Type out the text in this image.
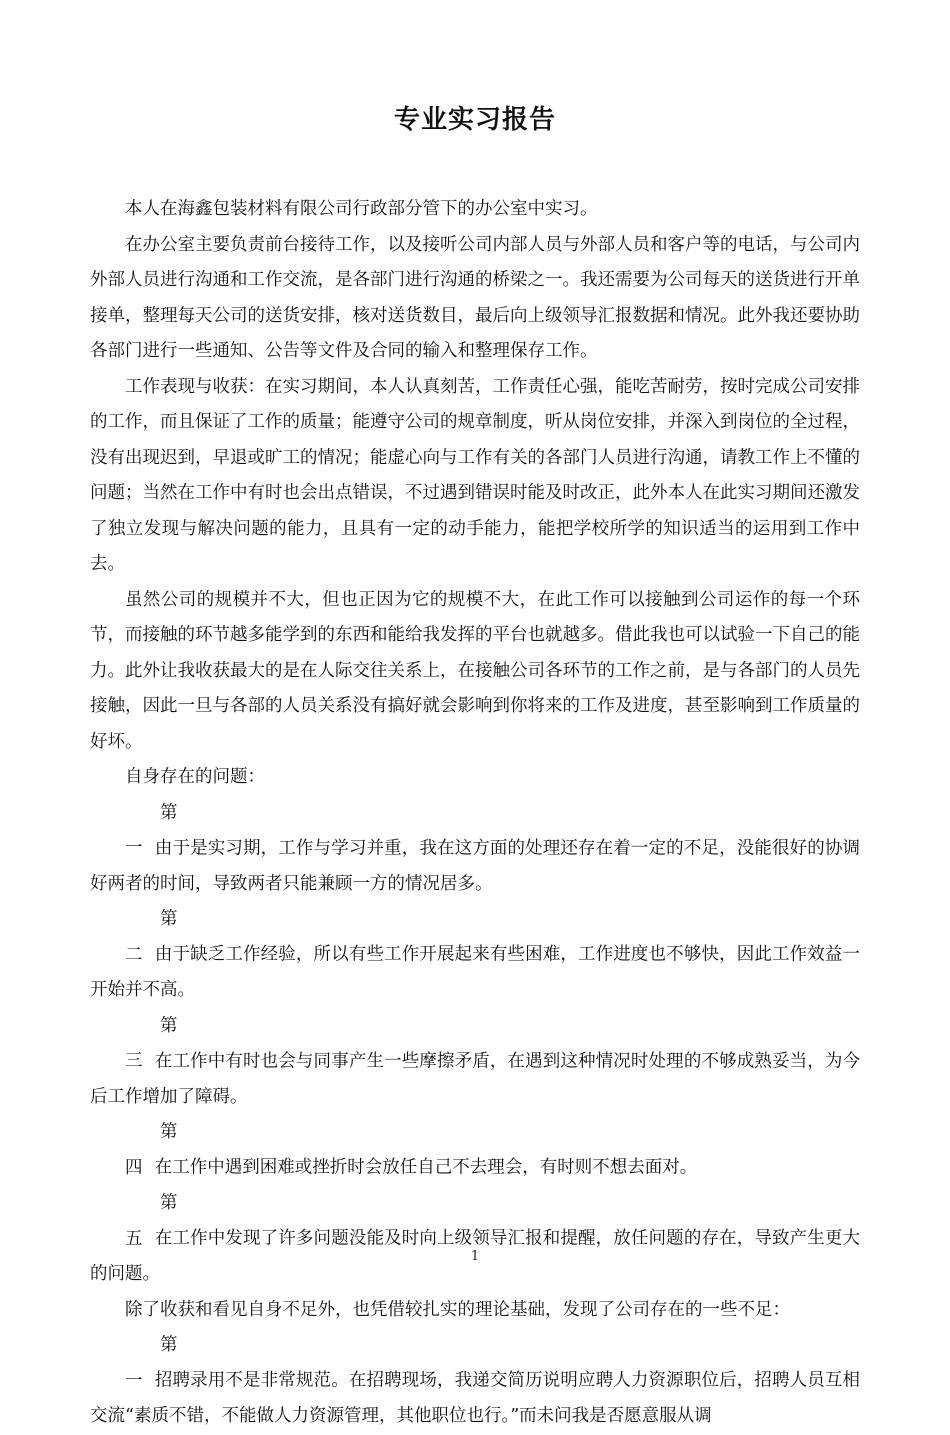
专业实习报告

本人在海鑫包装材料有限公司行政部分管下的办公室中实习。

在办公室主要负责前台接待工作，以及接听公司内部人员与外部人员和客户等的电话，与公司内外部人员进行沟通和工作交流，是各部门进行沟通的桥梁之一。我还需要为公司每天的送货进行开单接单，整理每天公司的送货安排，核对送货数目，最后向上级领导汇报数据和情况。此外我还要协助各部门进行一些通知、公告等文件及合同的输入和整理保存工作。

工作表现与收获：在实习期间，本人认真刻苦，工作责任心强，能吃苦耐劳，按时完成公司安排的工作，而且保证了工作的质量；能遵守公司的规章制度，听从岗位安排，并深入到岗位的全过程，没有出现迟到，早退或旷工的情况；能虚心向与工作有关的各部门人员进行沟通，请教工作上不懂的问题；当然在工作中有时也会出点错误，不过遇到错误时能及时改正，此外本人在此实习期间还激发了独立发现与解决问题的能力，且具有一定的动手能力，能把学校所学的知识适当的运用到工作中去。

虽然公司的规模并不大，但也正因为它的规模不大，在此工作可以接触到公司运作的每一个环节，而接触的环节越多能学到的东西和能给我发挥的平台也就越多。借此我也可以试验一下自己的能力。此外让我收获最大的是在人际交往关系上，在接触公司各环节的工作之前，是与各部门的人员先接触，因此一旦与各部的人员关系没有搞好就会影响到你将来的工作及进度，甚至影响到工作质量的好坏。

自身存在的问题：

第一 由于是实习期，工作与学习并重，我在这方面的处理还存在着一定的不足，没能很好的协调好两者的时间，导致两者只能兼顾一方的情况居多。

第二 由于缺乏工作经验，所以有些工作开展起来有些困难，工作进度也不够快，因此工作效益一开始并不高。

第三 在工作中有时也会与同事产生一些摩擦矛盾，在遇到这种情况时处理的不够成熟妥当，为今后工作增加了障碍。

第四 在工作中遇到困难或挫折时会放任自己不去理会，有时则不想去面对。

第五 在工作中发现了许多问题没能及时向上级领导汇报和提醒，放任问题的存在，导致产生更大的问题。

除了收获和看见自身不足外，也凭借较扎实的理论基础，发现了公司存在的一些不足：

第一 招聘录用不是非常规范。在招聘现场，我递交简历说明应聘人力资源职位后，招聘人员互相交流“素质不错，不能做人力资源管理，其他职位也行。”而未问我是否愿意服从调

1
